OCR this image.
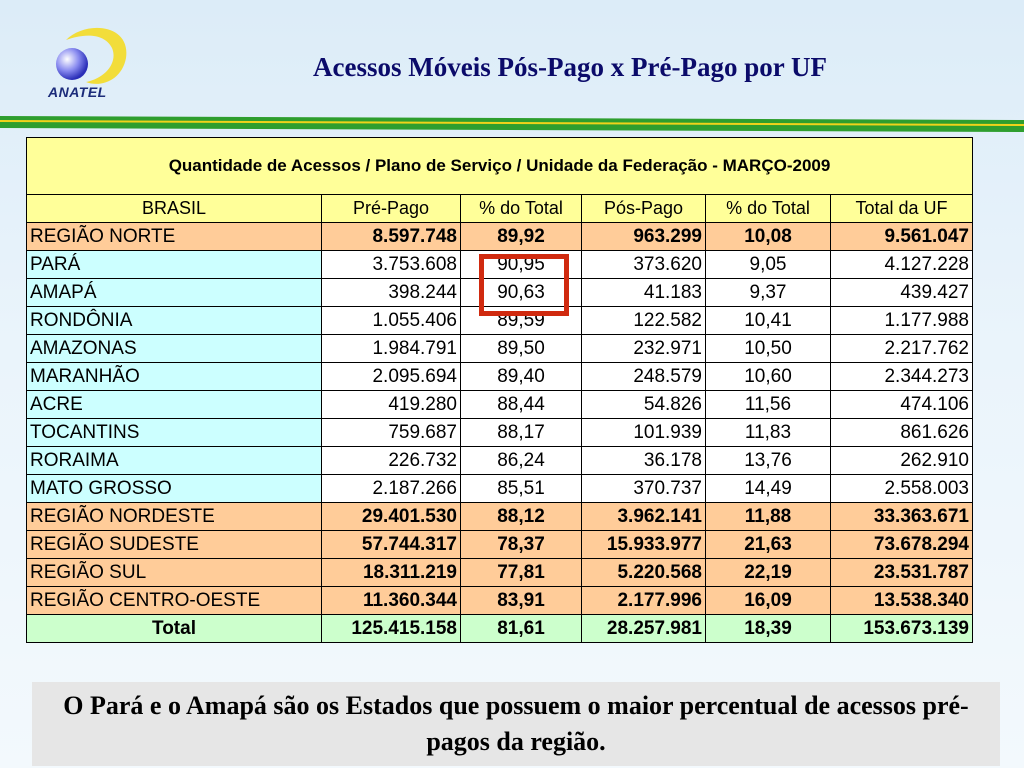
ANATEL
Acessos Móveis Pós-Pago x Pré-Pago por UF
Quantidade de Acessos / Plano de Serviço / Unidade da Federação - MARÇO-2009					
BRASIL	Pré-Pago	% do Total	Pós-Pago	% do Total	Total da UF
REGIÃO NORTE	8.597.748	89,92	963.299	10,08	9.561.047
PARÁ	3.753.608	90,95	373.620	9,05	4.127.228
AMAPÁ	398.244	90,63	41.183	9,37	439.427
RONDÔNIA	1.055.406	89,59	122.582	10,41	1.177.988
AMAZONAS	1.984.791	89,50	232.971	10,50	2.217.762
MARANHÃO	2.095.694	89,40	248.579	10,60	2.344.273
ACRE	419.280	88,44	54.826	11,56	474.106
TOCANTINS	759.687	88,17	101.939	11,83	861.626
RORAIMA	226.732	86,24	36.178	13,76	262.910
MATO GROSSO	2.187.266	85,51	370.737	14,49	2.558.003
REGIÃO NORDESTE	29.401.530	88,12	3.962.141	11,88	33.363.671
REGIÃO SUDESTE	57.744.317	78,37	15.933.977	21,63	73.678.294
REGIÃO SUL	18.311.219	77,81	5.220.568	22,19	23.531.787
REGIÃO CENTRO-OESTE	11.360.344	83,91	2.177.996	16,09	13.538.340
Total	125.415.158	81,61	28.257.981	18,39	153.673.139
O Pará e o Amapá são os Estados que possuem o maior percentual de acessos pré-pagos da região.
